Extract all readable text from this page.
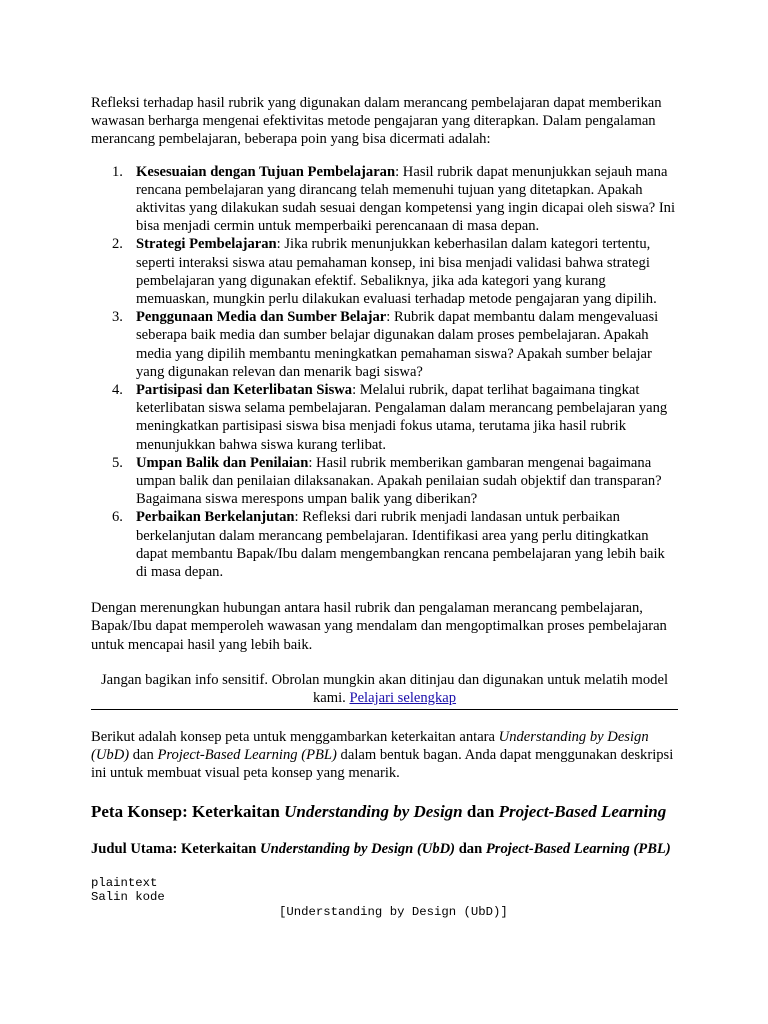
Refleksi terhadap hasil rubrik yang digunakan dalam merancang pembelajaran dapat memberikan wawasan berharga mengenai efektivitas metode pengajaran yang diterapkan. Dalam pengalaman merancang pembelajaran, beberapa poin yang bisa dicermati adalah:

Kesesuaian dengan Tujuan Pembelajaran: Hasil rubrik dapat menunjukkan sejauh mana rencana pembelajaran yang dirancang telah memenuhi tujuan yang ditetapkan. Apakah aktivitas yang dilakukan sudah sesuai dengan kompetensi yang ingin dicapai oleh siswa? Ini bisa menjadi cermin untuk memperbaiki perencanaan di masa depan.
Strategi Pembelajaran: Jika rubrik menunjukkan keberhasilan dalam kategori tertentu, seperti interaksi siswa atau pemahaman konsep, ini bisa menjadi validasi bahwa strategi pembelajaran yang digunakan efektif. Sebaliknya, jika ada kategori yang kurang memuaskan, mungkin perlu dilakukan evaluasi terhadap metode pengajaran yang dipilih.
Penggunaan Media dan Sumber Belajar: Rubrik dapat membantu dalam mengevaluasi seberapa baik media dan sumber belajar digunakan dalam proses pembelajaran. Apakah media yang dipilih membantu meningkatkan pemahaman siswa? Apakah sumber belajar yang digunakan relevan dan menarik bagi siswa?
Partisipasi dan Keterlibatan Siswa: Melalui rubrik, dapat terlihat bagaimana tingkat keterlibatan siswa selama pembelajaran. Pengalaman dalam merancang pembelajaran yang meningkatkan partisipasi siswa bisa menjadi fokus utama, terutama jika hasil rubrik menunjukkan bahwa siswa kurang terlibat.
Umpan Balik dan Penilaian: Hasil rubrik memberikan gambaran mengenai bagaimana umpan balik dan penilaian dilaksanakan. Apakah penilaian sudah objektif dan transparan? Bagaimana siswa merespons umpan balik yang diberikan?
Perbaikan Berkelanjutan: Refleksi dari rubrik menjadi landasan untuk perbaikan berkelanjutan dalam merancang pembelajaran. Identifikasi area yang perlu ditingkatkan dapat membantu Bapak/Ibu dalam mengembangkan rencana pembelajaran yang lebih baik di masa depan.

Dengan merenungkan hubungan antara hasil rubrik dan pengalaman merancang pembelajaran, Bapak/Ibu dapat memperoleh wawasan yang mendalam dan mengoptimalkan proses pembelajaran untuk mencapai hasil yang lebih baik.

Jangan bagikan info sensitif. Obrolan mungkin akan ditinjau dan digunakan untuk melatih model kami. Pelajari selengkap

Berikut adalah konsep peta untuk menggambarkan keterkaitan antara Understanding by Design (UbD) dan Project-Based Learning (PBL) dalam bentuk bagan. Anda dapat menggunakan deskripsi ini untuk membuat visual peta konsep yang menarik.

Peta Konsep: Keterkaitan Understanding by Design dan Project-Based Learning
Judul Utama: Keterkaitan Understanding by Design (UbD) dan Project-Based Learning (PBL)
plaintext
Salin kode
[Understanding by Design (UbD)]
